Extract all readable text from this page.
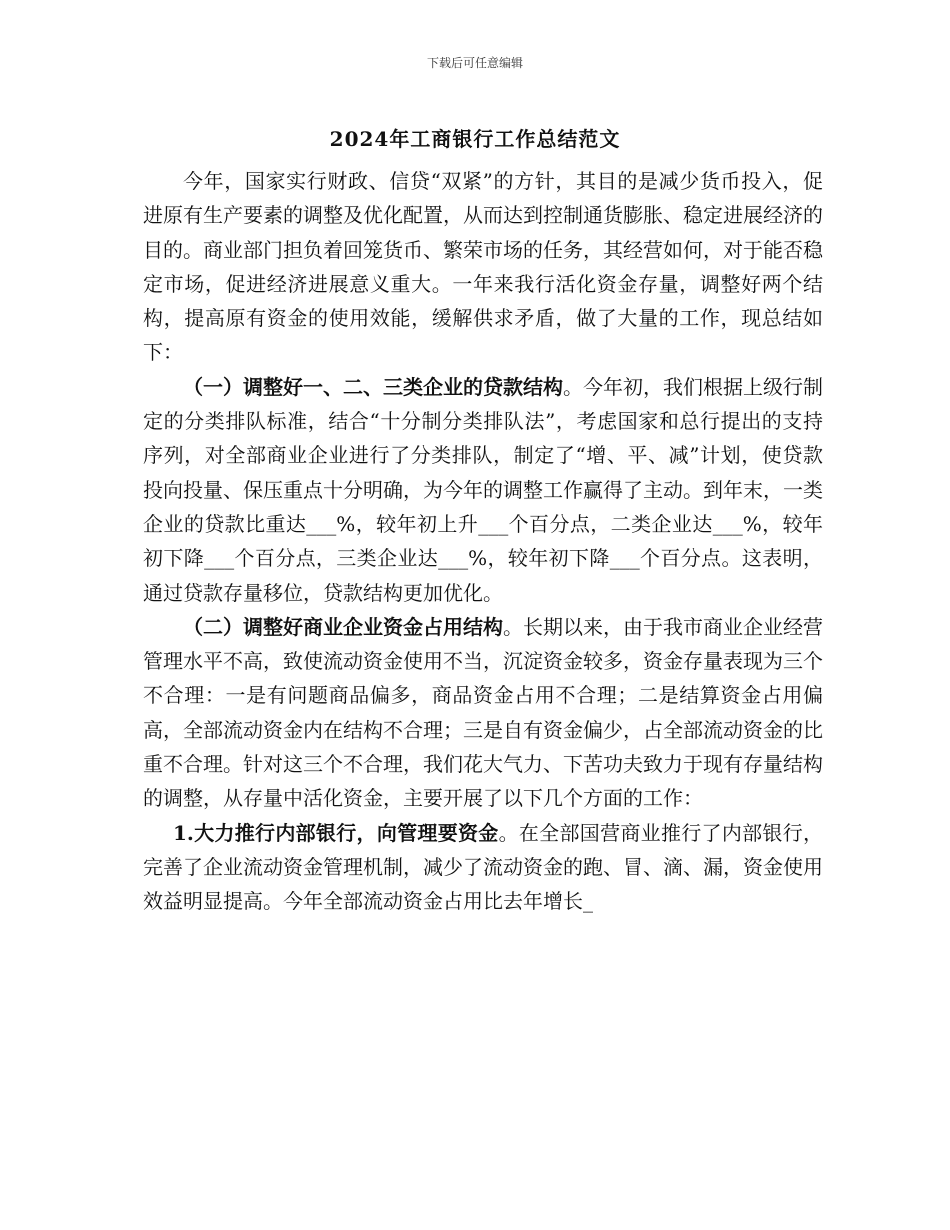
下载后可任意编辑
2024年工商银行工作总结范文

今年，国家实行财政、信贷“双紧”的方针，其目的是减少货币投入，促进原有生产要素的调整及优化配置，从而达到控制通货膨胀、稳定进展经济的目的。商业部门担负着回笼货币、繁荣市场的任务，其经营如何，对于能否稳定市场，促进经济进展意义重大。一年来我行活化资金存量，调整好两个结构，提高原有资金的使用效能，缓解供求矛盾，做了大量的工作，现总结如下：

（一）调整好一、二、三类企业的贷款结构。今年初，我们根据上级行制定的分类排队标准，结合“十分制分类排队法”，考虑国家和总行提出的支持序列，对全部商业企业进行了分类排队，制定了“增、平、减”计划，使贷款投向投量、保压重点十分明确，为今年的调整工作赢得了主动。到年末，一类企业的贷款比重达___%，较年初上升___个百分点，二类企业达___%，较年初下降___个百分点，三类企业达___%，较年初下降___个百分点。这表明，通过贷款存量移位，贷款结构更加优化。

（二）调整好商业企业资金占用结构。长期以来，由于我市商业企业经营管理水平不高，致使流动资金使用不当，沉淀资金较多，资金存量表现为三个不合理：一是有问题商品偏多，商品资金占用不合理；二是结算资金占用偏高，全部流动资金内在结构不合理；三是自有资金偏少，占全部流动资金的比重不合理。针对这三个不合理，我们花大气力、下苦功夫致力于现有存量结构的调整，从存量中活化资金，主要开展了以下几个方面的工作：

1.大力推行内部银行，向管理要资金。在全部国营商业推行了内部银行，完善了企业流动资金管理机制，减少了流动资金的跑、冒、滴、漏，资金使用效益明显提高。今年全部流动资金占用比去年增长_
